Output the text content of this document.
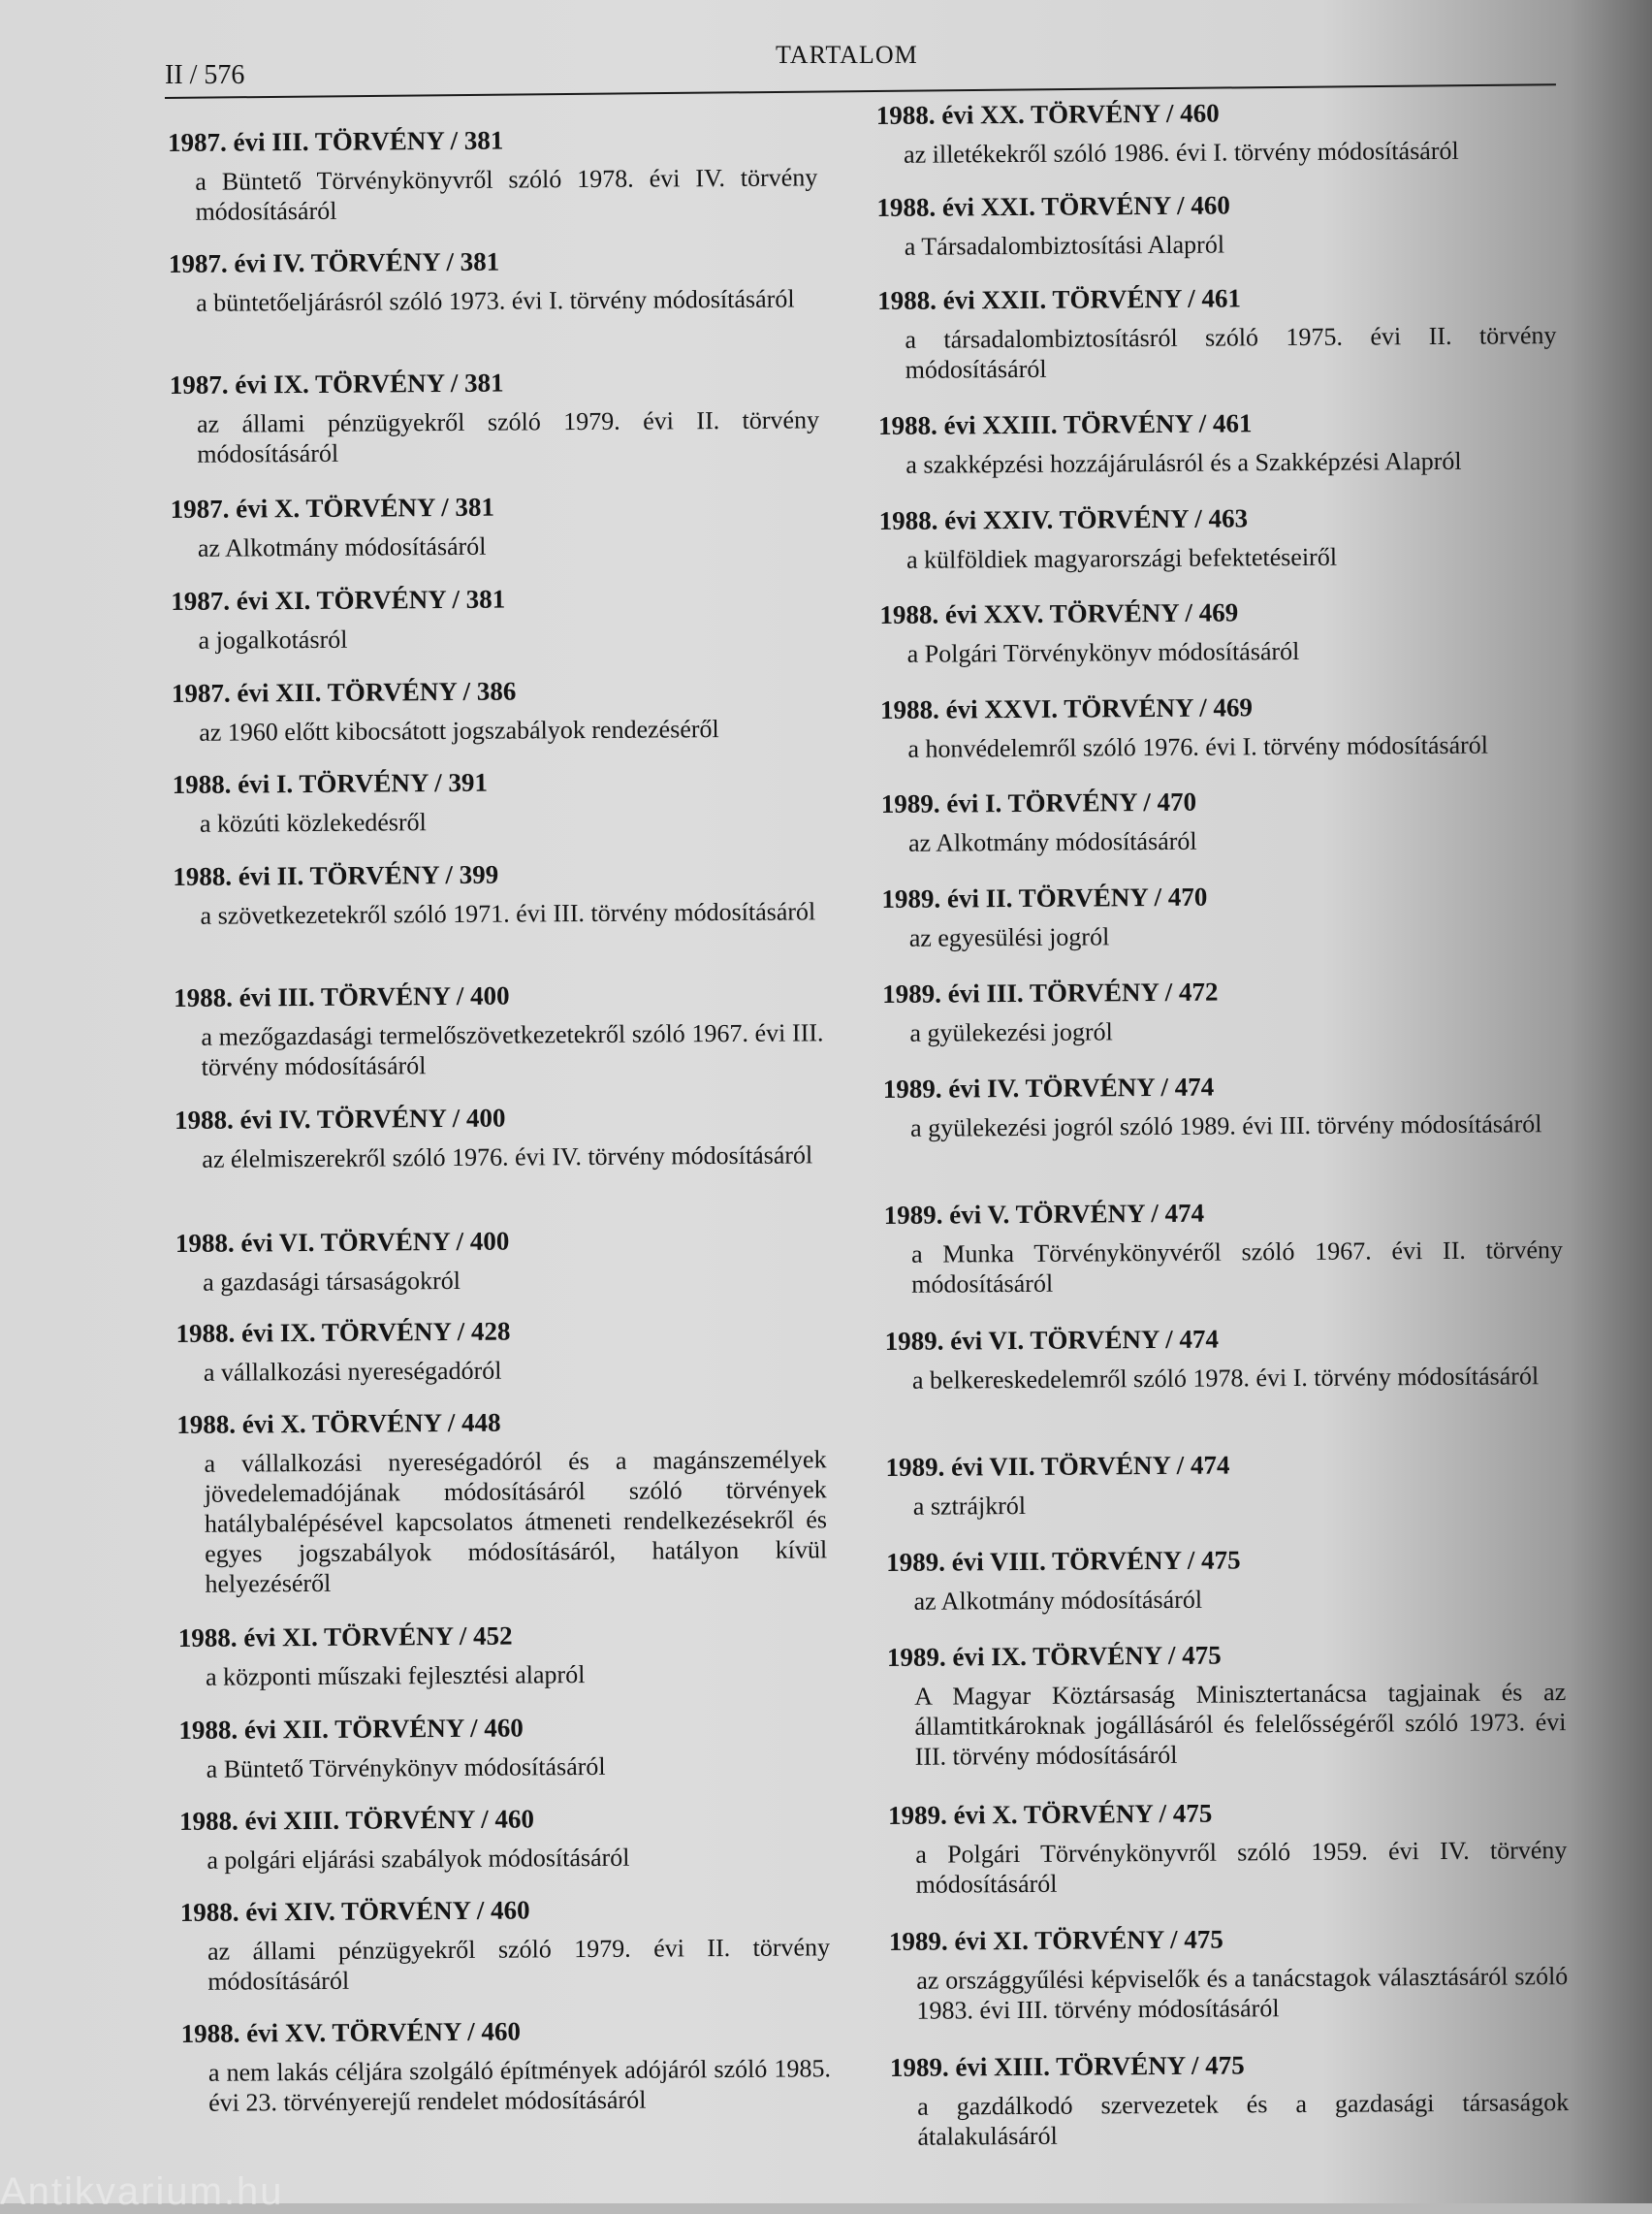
II / 576
TARTALOM
1987. évi III. TÖRVÉNY / 381
a Büntető Törvénykönyvről szóló 1978. évi IV. törvény módosításáról
1987. évi IV. TÖRVÉNY / 381
a büntetőeljárásról szóló 1973. évi I. törvény módosításáról
1987. évi IX. TÖRVÉNY / 381
az állami pénzügyekről szóló 1979. évi II. törvény módosításáról
1987. évi X. TÖRVÉNY / 381
az Alkotmány módosításáról
1987. évi XI. TÖRVÉNY / 381
a jogalkotásról
1987. évi XII. TÖRVÉNY / 386
az 1960 előtt kibocsátott jogszabályok rendezéséről
1988. évi I. TÖRVÉNY / 391
a közúti közlekedésről
1988. évi II. TÖRVÉNY / 399
a szövetkezetekről szóló 1971. évi III. törvény módosításáról
1988. évi III. TÖRVÉNY / 400
a mezőgazdasági termelőszövetkezetekről szóló 1967. évi III. törvény módosításáról
1988. évi IV. TÖRVÉNY / 400
az élelmiszerekről szóló 1976. évi IV. törvény módosításáról
1988. évi VI. TÖRVÉNY / 400
a gazdasági társaságokról
1988. évi IX. TÖRVÉNY / 428
a vállalkozási nyereségadóról
1988. évi X. TÖRVÉNY / 448
a vállalkozási nyereségadóról és a magánszemélyek jövedelemadójának módosításáról szóló törvények hatálybalépésével kapcsolatos átmeneti rendelkezésekről és egyes jogszabályok módosításáról, hatályon kívül helyezéséről
1988. évi XI. TÖRVÉNY / 452
a központi műszaki fejlesztési alapról
1988. évi XII. TÖRVÉNY / 460
a Büntető Törvénykönyv módosításáról
1988. évi XIII. TÖRVÉNY / 460
a polgári eljárási szabályok módosításáról
1988. évi XIV. TÖRVÉNY / 460
az állami pénzügyekről szóló 1979. évi II. törvény módosításáról
1988. évi XV. TÖRVÉNY / 460
a nem lakás céljára szolgáló építmények adójáról szóló 1985. évi 23. törvényerejű rendelet módosításáról
1988. évi XX. TÖRVÉNY / 460
az illetékekről szóló 1986. évi I. törvény módosításáról
1988. évi XXI. TÖRVÉNY / 460
a Társadalombiztosítási Alapról
1988. évi XXII. TÖRVÉNY / 461
a társadalombiztosításról szóló 1975. évi II. törvény módosításáról
1988. évi XXIII. TÖRVÉNY / 461
a szakképzési hozzájárulásról és a Szakképzési Alapról
1988. évi XXIV. TÖRVÉNY / 463
a külföldiek magyarországi befektetéseiről
1988. évi XXV. TÖRVÉNY / 469
a Polgári Törvénykönyv módosításáról
1988. évi XXVI. TÖRVÉNY / 469
a honvédelemről szóló 1976. évi I. törvény módosításáról
1989. évi I. TÖRVÉNY / 470
az Alkotmány módosításáról
1989. évi II. TÖRVÉNY / 470
az egyesülési jogról
1989. évi III. TÖRVÉNY / 472
a gyülekezési jogról
1989. évi IV. TÖRVÉNY / 474
a gyülekezési jogról szóló 1989. évi III. törvény módosításáról
1989. évi V. TÖRVÉNY / 474
a Munka Törvénykönyvéről szóló 1967. évi II. törvény módosításáról
1989. évi VI. TÖRVÉNY / 474
a belkereskedelemről szóló 1978. évi I. törvény módosításáról
1989. évi VII. TÖRVÉNY / 474
a sztrájkról
1989. évi VIII. TÖRVÉNY / 475
az Alkotmány módosításáról
1989. évi IX. TÖRVÉNY / 475
A Magyar Köztársaság Minisztertanácsa tagjainak és az államtitkároknak jogállásáról és felelősségéről szóló 1973. évi III. törvény módosításáról
1989. évi X. TÖRVÉNY / 475
a Polgári Törvénykönyvről szóló 1959. évi IV. törvény módosításáról
1989. évi XI. TÖRVÉNY / 475
az országgyűlési képviselők és a tanácstagok választásáról szóló 1983. évi III. törvény módosításáról
1989. évi XIII. TÖRVÉNY / 475
a gazdálkodó szervezetek és a gazdasági társaságok átalakulásáról
Antikvarium.hu
